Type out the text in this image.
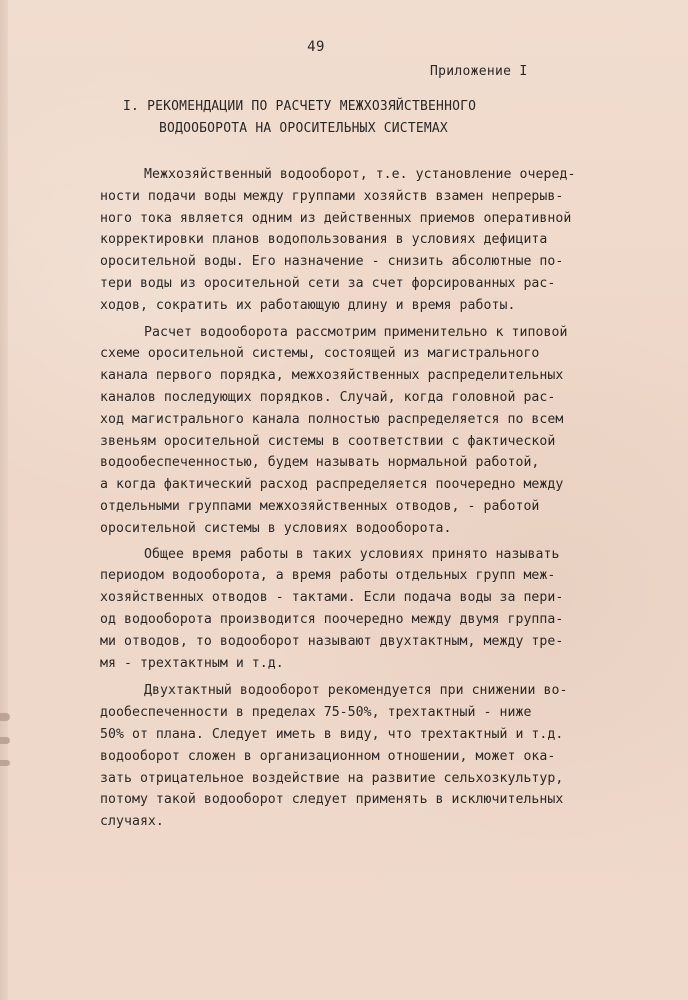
49
Приложение I
I. РЕКОМЕНДАЦИИ ПО РАСЧЕТУ МЕЖХОЗЯЙСТВЕННОГО
ВОДООБОРОТА НА ОРОСИТЕЛЬНЫХ СИСТЕМАХ
Межхозяйственный водооборот, т.е. установление очеред-
ности подачи воды между группами хозяйств взамен непрерыв-
ного тока является одним из действенных приемов оперативной
корректировки планов водопользования в условиях дефицита
оросительной воды. Его назначение - снизить абсолютные по-
тери воды из оросительной сети за счет форсированных рас-
ходов, сократить их работающую длину и время работы.
Расчет водооборота рассмотрим применительно к типовой
схеме оросительной системы, состоящей из магистрального
канала первого порядка, межхозяйственных распределительных
каналов последующих порядков. Случай, когда головной рас-
ход магистрального канала полностью распределяется по всем
звеньям оросительной системы в соответствии с фактической
водообеспеченностью, будем называть нормальной работой,
а когда фактический расход распределяется поочередно между
отдельными группами межхозяйственных отводов, - работой
оросительной системы в условиях водооборота.
Общее время работы в таких условиях принято называть
периодом водооборота, а время работы отдельных групп меж-
хозяйственных отводов - тактами. Если подача воды за пери-
од водооборота производится поочередно между двумя группа-
ми отводов, то водооборот называют двухтактным, между тре-
мя - трехтактным и т.д.
Двухтактный водооборот рекомендуется при снижении во-
дообеспеченности в пределах 75-50%, трехтактный - ниже
50% от плана. Следует иметь в виду, что трехтактный и т.д.
водооборот сложен в организационном отношении, может ока-
зать отрицательное воздействие на развитие сельхозкультур,
потому такой водооборот следует применять в исключительных
случаях.
